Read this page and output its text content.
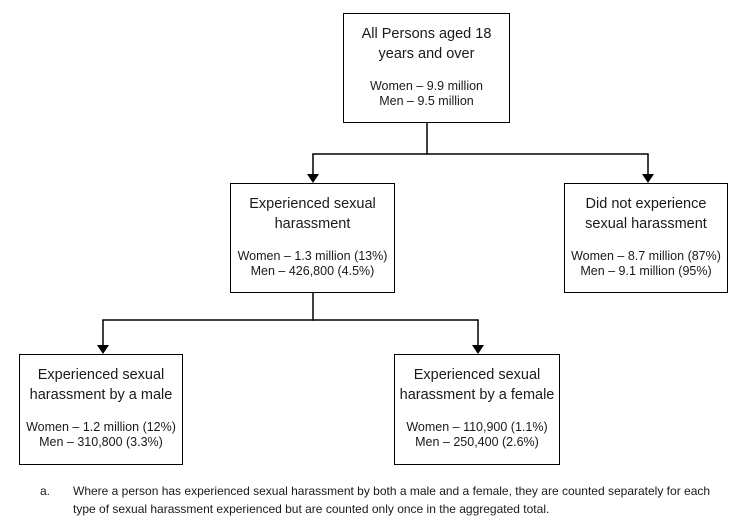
All Persons aged 18 years and over
Women – 9.9 million
Men – 9.5 million
Experienced sexual harassment
Women – 1.3 million (13%)
Men – 426,800 (4.5%)
Did not experience sexual harassment
Women – 8.7 million (87%)
Men – 9.1 million (95%)
Experienced sexual harassment by a male
Women – 1.2 million (12%)
Men – 310,800 (3.3%)
Experienced sexual harassment by a female
Women – 110,900 (1.1%)
Men – 250,400 (2.6%)
a.	Where a person has experienced sexual harassment by both a male and a female, they are counted separately for each type of sexual harassment experienced but are counted only once in the aggregated total.
